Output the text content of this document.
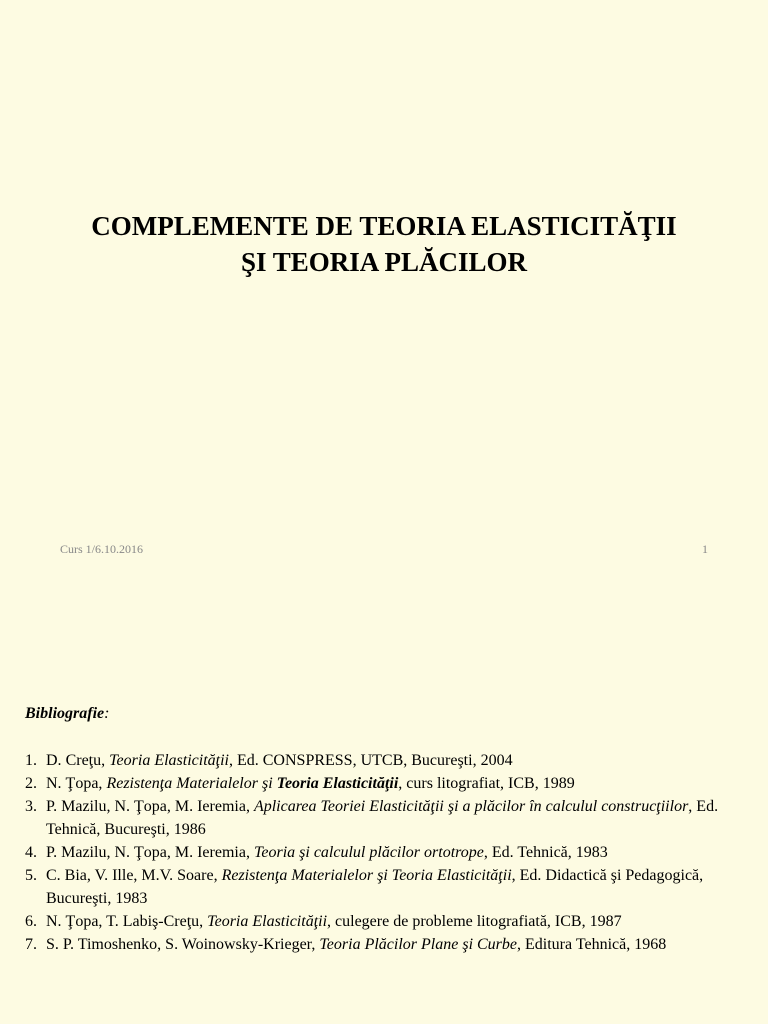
COMPLEMENTE DE TEORIA ELASTICITĂŢII
ŞI TEORIA PLĂCILOR
Curs 1/6.10.2016	1
Bibliografie:
1. D. Creţu, Teoria Elasticităţii, Ed. CONSPRESS, UTCB, Bucureşti, 2004
2. N. Ţopa, Rezistenţa Materialelor şi Teoria Elasticităţii, curs litografiat, ICB, 1989
3. P. Mazilu, N. Ţopa, M. Ieremia, Aplicarea Teoriei Elasticităţii şi a plăcilor în calculul construcţiilor, Ed. Tehnică, Bucureşti, 1986
4. P. Mazilu, N. Ţopa, M. Ieremia, Teoria şi calculul plăcilor ortotrope, Ed. Tehnică, 1983
5. C. Bia, V. Ille, M.V. Soare, Rezistenţa Materialelor şi Teoria Elasticităţii, Ed. Didactică şi Pedagogică, Bucureşti, 1983
6. N. Ţopa, T. Labiş-Creţu, Teoria Elasticităţii, culegere de probleme litografiată, ICB, 1987
7. S. P. Timoshenko, S. Woinowsky-Krieger, Teoria Plăcilor Plane şi Curbe, Editura Tehnică, 1968
